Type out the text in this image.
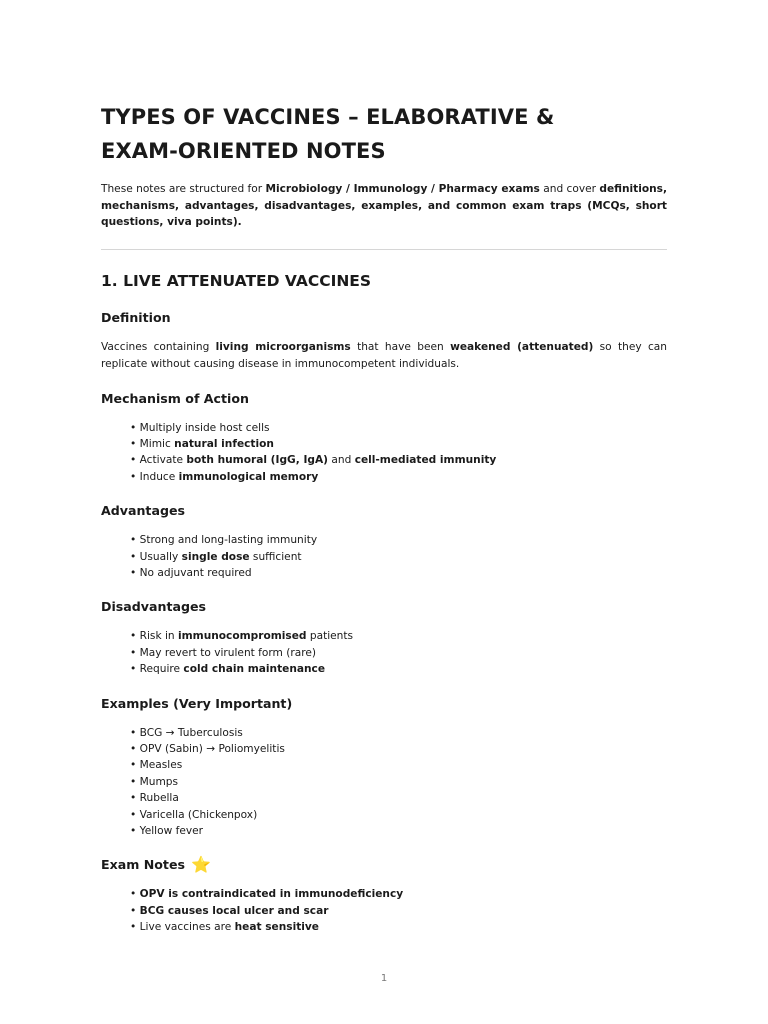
TYPES OF VACCINES – ELABORATIVE &
EXAM-ORIENTED NOTES

These notes are structured for Microbiology / Immunology / Pharmacy exams and cover definitions, mechanisms, advantages, disadvantages, examples, and common exam traps (MCQs, short questions, viva points).

1. LIVE ATTENUATED VACCINES
Definition

Vaccines containing living microorganisms that have been weakened (attenuated) so they can replicate without causing disease in immunocompetent individuals.

Mechanism of Action
• Multiply inside host cells
• Mimic natural infection
• Activate both humoral (IgG, IgA) and cell-mediated immunity
• Induce immunological memory
Advantages
• Strong and long-lasting immunity
• Usually single dose sufficient
• No adjuvant required
Disadvantages
• Risk in immunocompromised patients
• May revert to virulent form (rare)
• Require cold chain maintenance
Examples (Very Important)
• BCG → Tuberculosis
• OPV (Sabin) → Poliomyelitis
• Measles
• Mumps
• Rubella
• Varicella (Chickenpox)
• Yellow fever
Exam Notes ⭐
• OPV is contraindicated in immunodeficiency
• BCG causes local ulcer and scar
• Live vaccines are heat sensitive
1
